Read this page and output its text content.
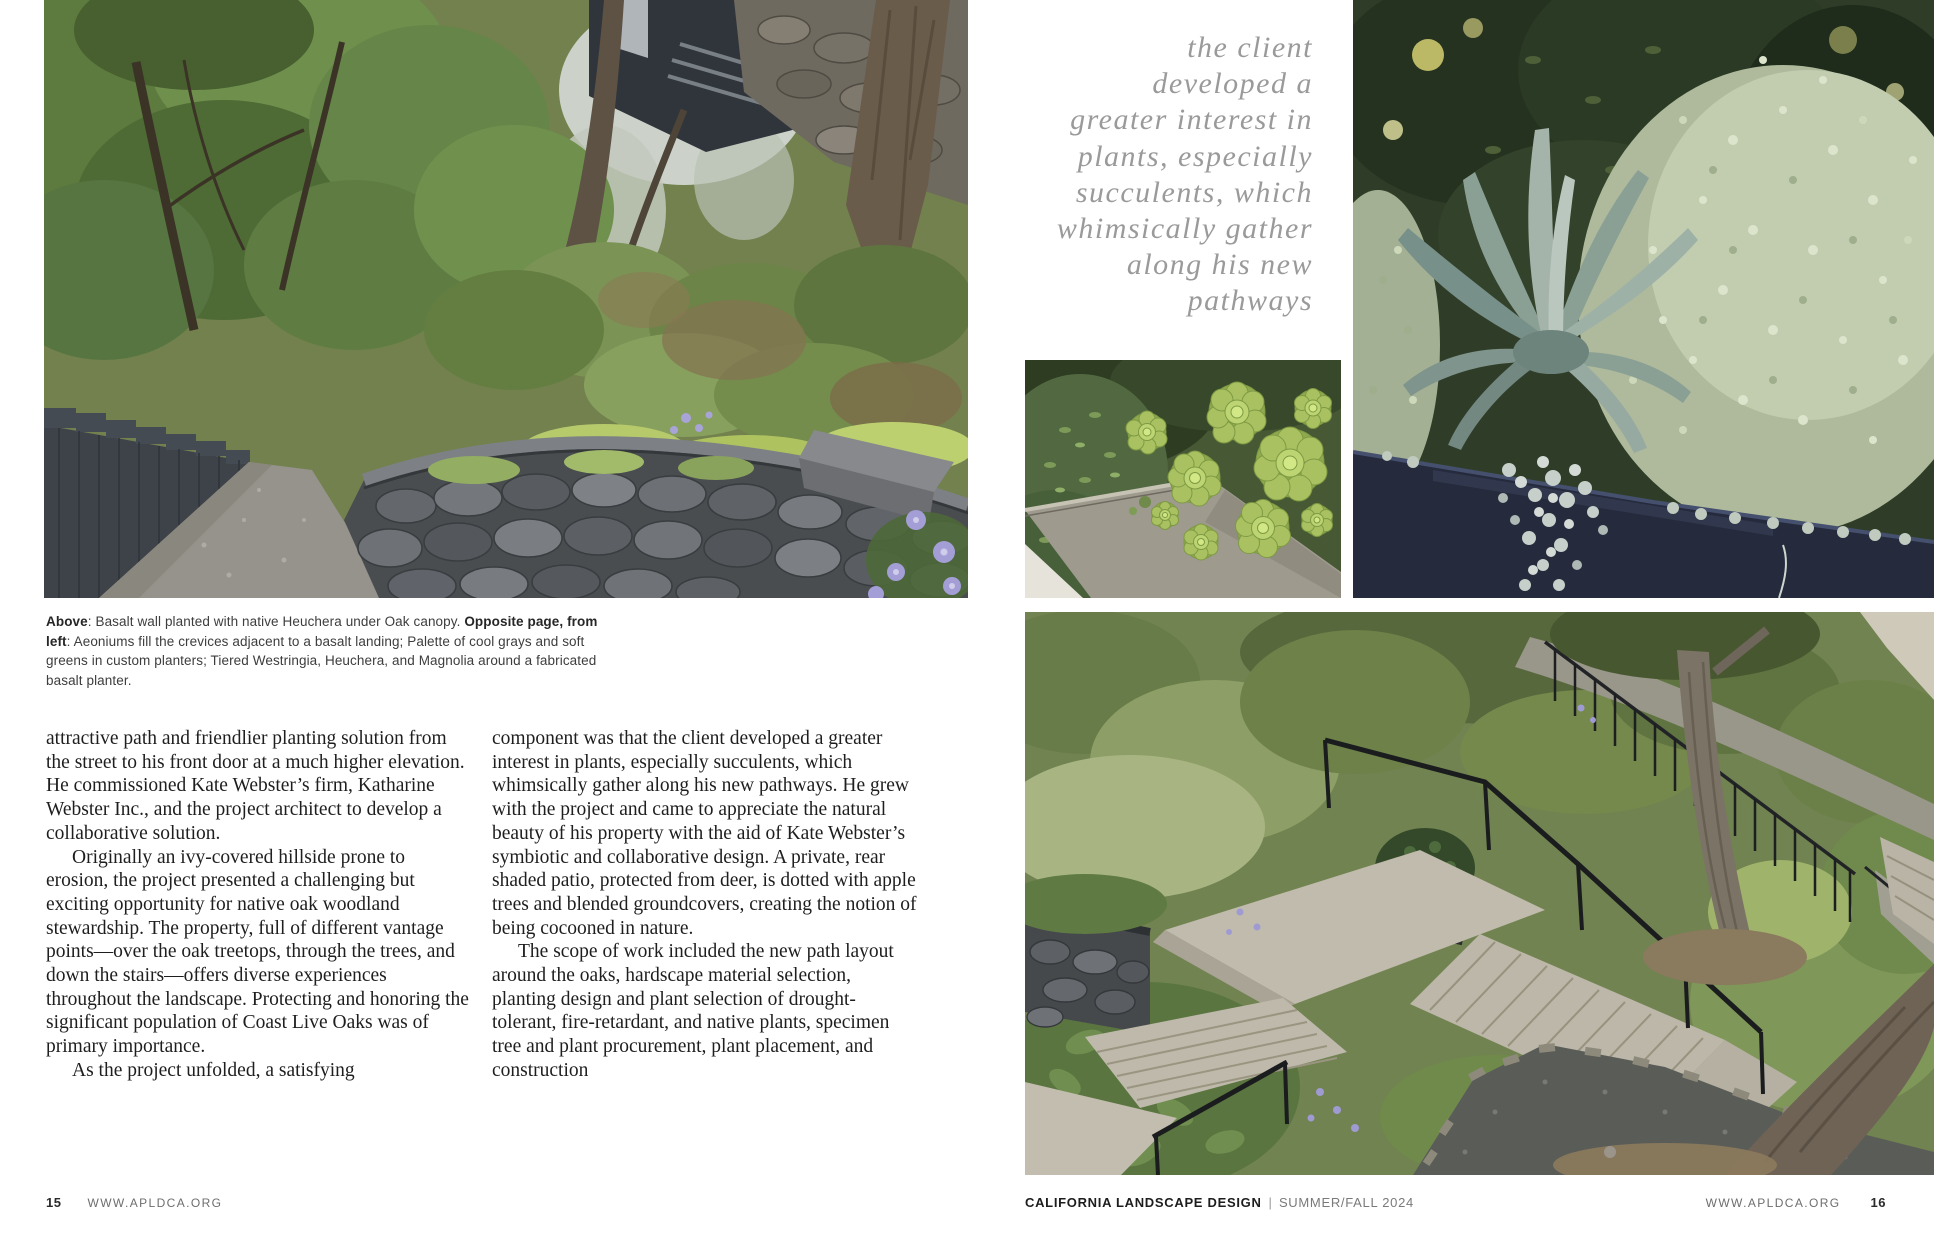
Above: Basalt wall planted with native Heuchera under Oak canopy. Opposite page, from left: Aeoniums fill the crevices adjacent to a basalt landing; Palette of cool grays and soft greens in custom planters; Tiered Westringia, Heuchera, and Magnolia around a fabricated basalt planter.

attractive path and friendlier planting solution from the street to his front door at a much higher elevation. He commissioned Kate Webster’s firm, Katharine Webster Inc., and the project architect to develop a collaborative solution.

Originally an ivy-covered hillside prone to erosion, the project presented a challenging but exciting opportunity for native oak woodland stewardship. The property, full of different vantage points—over the oak treetops, through the trees, and down the stairs—offers diverse experiences throughout the landscape. Protecting and honoring the significant population of Coast Live Oaks was of primary importance.

As the project unfolded, a satisfying

component was that the client developed a greater interest in plants, especially succulents, which whimsically gather along his new pathways. He grew with the project and came to appreciate the natural beauty of his property with the aid of Kate Webster’s symbiotic and collaborative design. A private, rear shaded patio, protected from deer, is dotted with apple trees and blended groundcovers, creating the notion of being cocooned in nature.

The scope of work included the new path layout around the oaks, hardscape material selection, planting design and plant selection of drought-tolerant, fire-retardant, and native plants, specimen tree and plant procurement, plant placement, and construction

the client
developed a
greater interest in
plants, especially
succulents, which
whimsically gather
along his new
pathways
15 WWW.APLDCA.ORG	CALIFORNIA LANDSCAPE DESIGN | SUMMER/FALL 2024	WWW.APLDCA.ORG 16
